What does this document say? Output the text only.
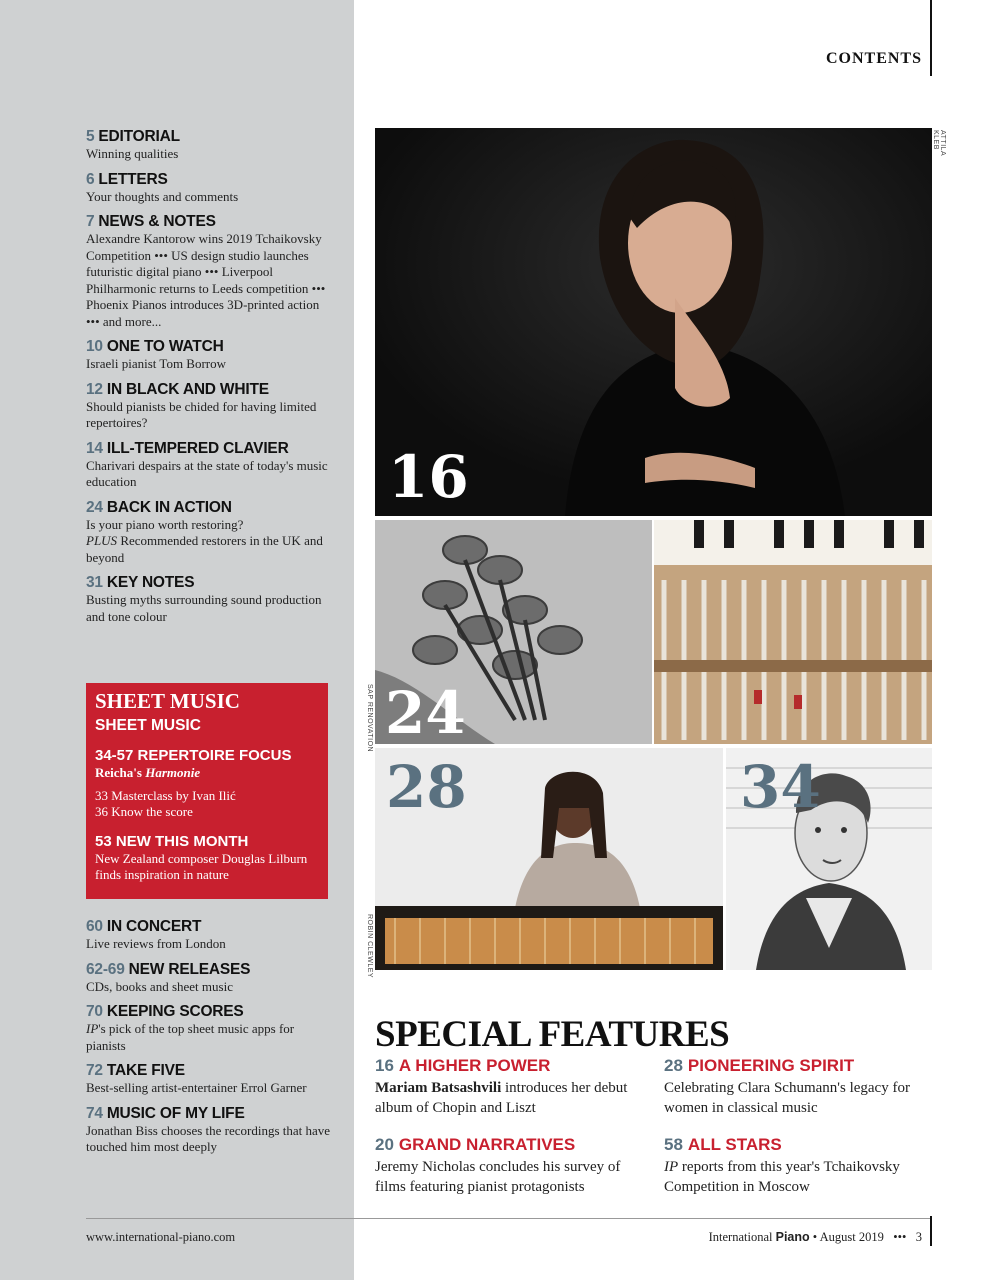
CONTENTS
5 EDITORIAL
Winning qualities
6 LETTERS
Your thoughts and comments
7 NEWS & NOTES
Alexandre Kantorow wins 2019 Tchaikovsky Competition ••• US design studio launches futuristic digital piano ••• Liverpool Philharmonic returns to Leeds competition ••• Phoenix Pianos introduces 3D-printed action ••• and more...
10 ONE TO WATCH
Israeli pianist Tom Borrow
12 IN BLACK AND WHITE
Should pianists be chided for having limited repertoires?
14 ILL-TEMPERED CLAVIER
Charivari despairs at the state of today's music education
24 BACK IN ACTION
Is your piano worth restoring?
PLUS Recommended restorers in the UK and beyond
31 KEY NOTES
Busting myths surrounding sound production and tone colour
SHEET MUSIC
SHEET MUSIC
34-57 REPERTOIRE FOCUS
Reicha's Harmonie
33 Masterclass by Ivan Ilić
36 Know the score
53 NEW THIS MONTH
New Zealand composer Douglas Lilburn finds inspiration in nature
60 IN CONCERT
Live reviews from London
62-69 NEW RELEASES
CDs, books and sheet music
70 KEEPING SCORES
IP's pick of the top sheet music apps for pianists
72 TAKE FIVE
Best-selling artist-entertainer Errol Garner
74 MUSIC OF MY LIFE
Jonathan Biss chooses the recordings that have touched him most deeply
16
ATTILA KLEB
24
SAP RENOVATION
28
ROBIN CLEWLEY
34
SPECIAL FEATURES
16 A HIGHER POWER
Mariam Batsashvili introduces her debut album of Chopin and Liszt
28 PIONEERING SPIRIT
Celebrating Clara Schumann's legacy for women in classical music
20 GRAND NARRATIVES
Jeremy Nicholas concludes his survey of films featuring pianist protagonists
58 ALL STARS
IP reports from this year's Tchaikovsky Competition in Moscow
www.international-piano.com	International Piano • August 2019 ••• 3
